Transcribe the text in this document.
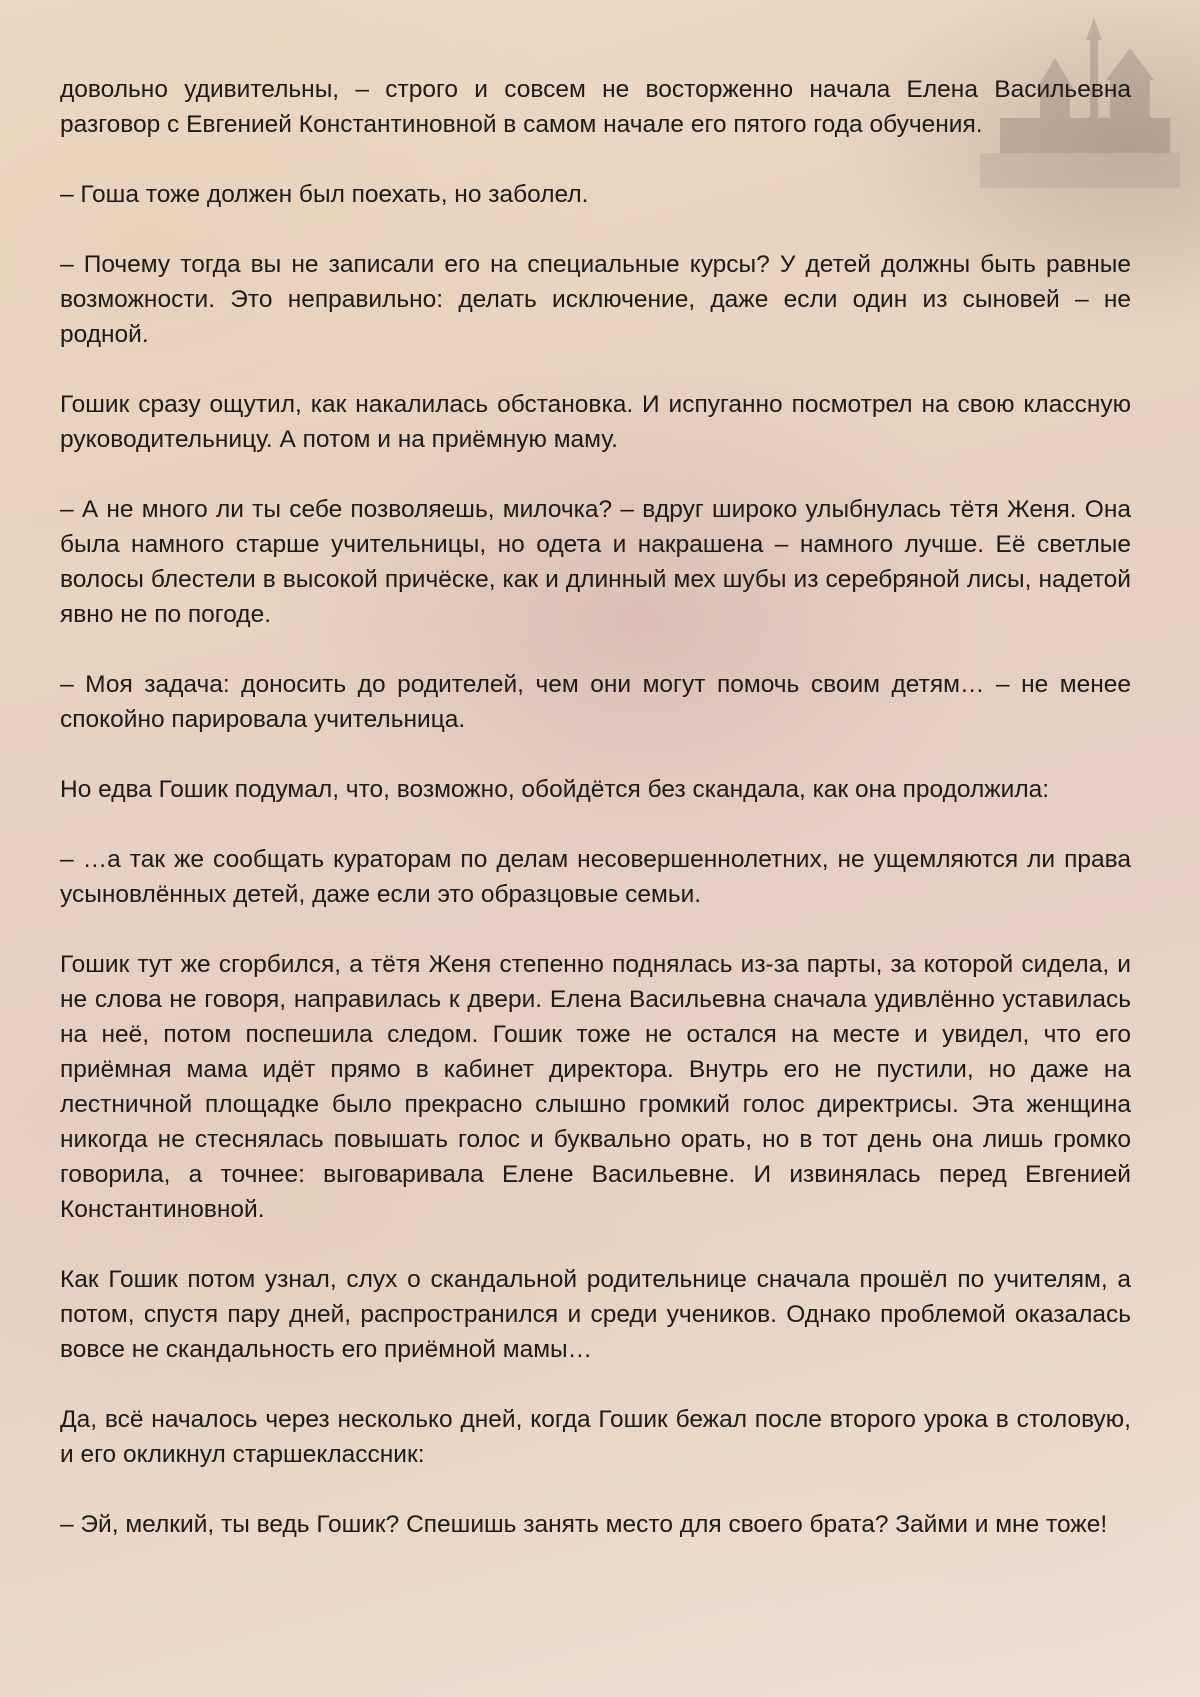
довольно удивительны, – строго и совсем не восторженно начала Елена Васильевна разговор с Евгенией Константиновной в самом начале его пятого года обучения.

– Гоша тоже должен был поехать, но заболел.

– Почему тогда вы не записали его на специальные курсы? У детей должны быть равные возможности. Это неправильно: делать исключение, даже если один из сыновей – не родной.

Гошик сразу ощутил, как накалилась обстановка. И испуганно посмотрел на свою классную руководительницу. А потом и на приёмную маму.

– А не много ли ты себе позволяешь, милочка? – вдруг широко улыбнулась тётя Женя. Она была намного старше учительницы, но одета и накрашена – намного лучше. Её светлые волосы блестели в высокой причёске, как и длинный мех шубы из серебряной лисы, надетой явно не по погоде.

– Моя задача: доносить до родителей, чем они могут помочь своим детям… – не менее спокойно парировала учительница.

Но едва Гошик подумал, что, возможно, обойдётся без скандала, как она продолжила:

– …а так же сообщать кураторам по делам несовершеннолетних, не ущемляются ли права усыновлённых детей, даже если это образцовые семьи.

Гошик тут же сгорбился, а тётя Женя степенно поднялась из-за парты, за которой сидела, и не слова не говоря, направилась к двери. Елена Васильевна сначала удивлённо уставилась на неё, потом поспешила следом. Гошик тоже не остался на месте и увидел, что его приёмная мама идёт прямо в кабинет директора. Внутрь его не пустили, но даже на лестничной площадке было прекрасно слышно громкий голос директрисы. Эта женщина никогда не стеснялась повышать голос и буквально орать, но в тот день она лишь громко говорила, а точнее: выговаривала Елене Васильевне. И извинялась перед Евгенией Константиновной.

Как Гошик потом узнал, слух о скандальной родительнице сначала прошёл по учителям, а потом, спустя пару дней, распространился и среди учеников. Однако проблемой оказалась вовсе не скандальность его приёмной мамы…

Да, всё началось через несколько дней, когда Гошик бежал после второго урока в столовую, и его окликнул старшеклассник:

– Эй, мелкий, ты ведь Гошик? Спешишь занять место для своего брата? Займи и мне тоже!
